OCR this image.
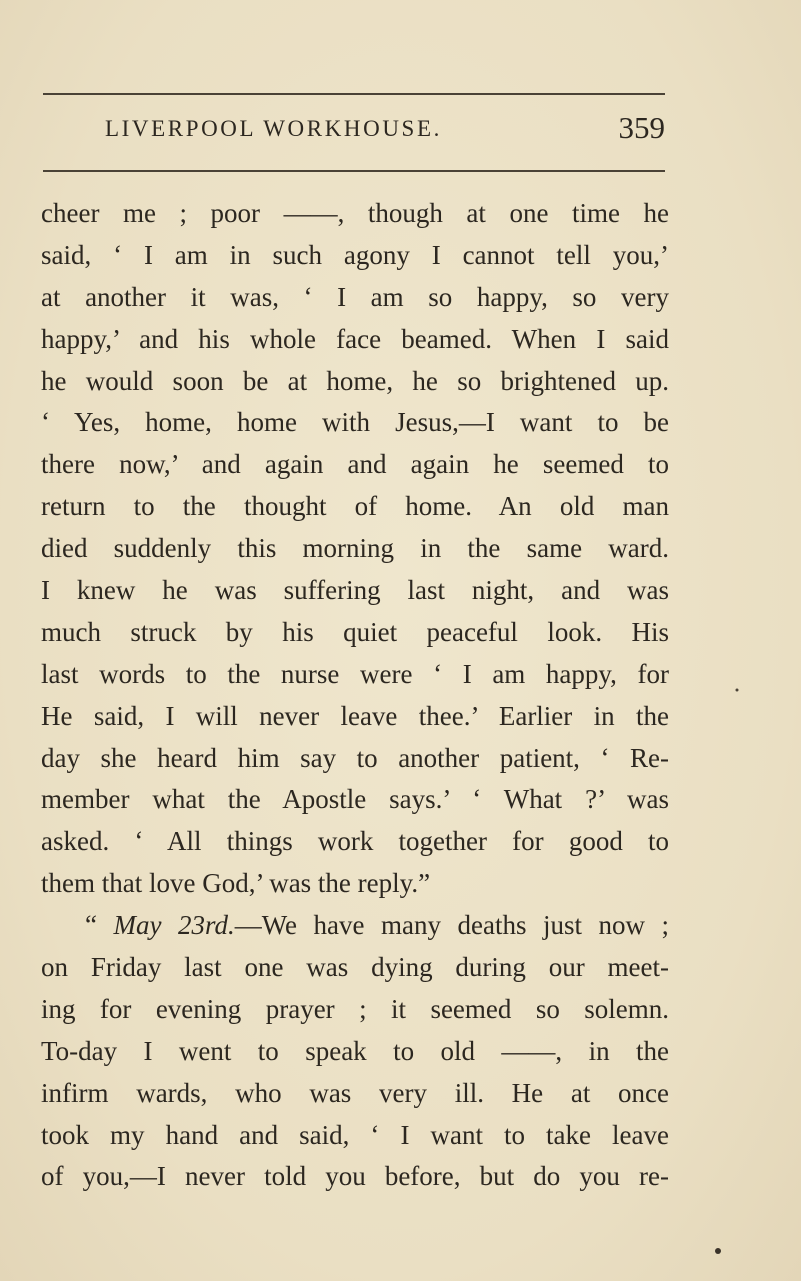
LIVERPOOL WORKHOUSE.	359
cheer me ; poor ——, though at one time he
said, ‘ I am in such agony I cannot tell you,’
at another it was, ‘ I am so happy, so very
happy,’ and his whole face beamed. When I said
he would soon be at home, he so brightened up.
‘ Yes, home, home with Jesus,—I want to be
there now,’ and again and again he seemed to
return to the thought of home. An old man
died suddenly this morning in the same ward.
I knew he was suffering last night, and was
much struck by his quiet peaceful look. His
last words to the nurse were ‘ I am happy, for
He said, I will never leave thee.’ Earlier in the
day she heard him say to another patient, ‘ Re-
member what the Apostle says.’ ‘ What ?’ was
asked. ‘ All things work together for good to
them that love God,’ was the reply.”
“ May 23rd.—We have many deaths just now ;
on Friday last one was dying during our meet-
ing for evening prayer ; it seemed so solemn.
To-day I went to speak to old ——, in the
infirm wards, who was very ill. He at once
took my hand and said, ‘ I want to take leave
of you,—I never told you before, but do you re-
